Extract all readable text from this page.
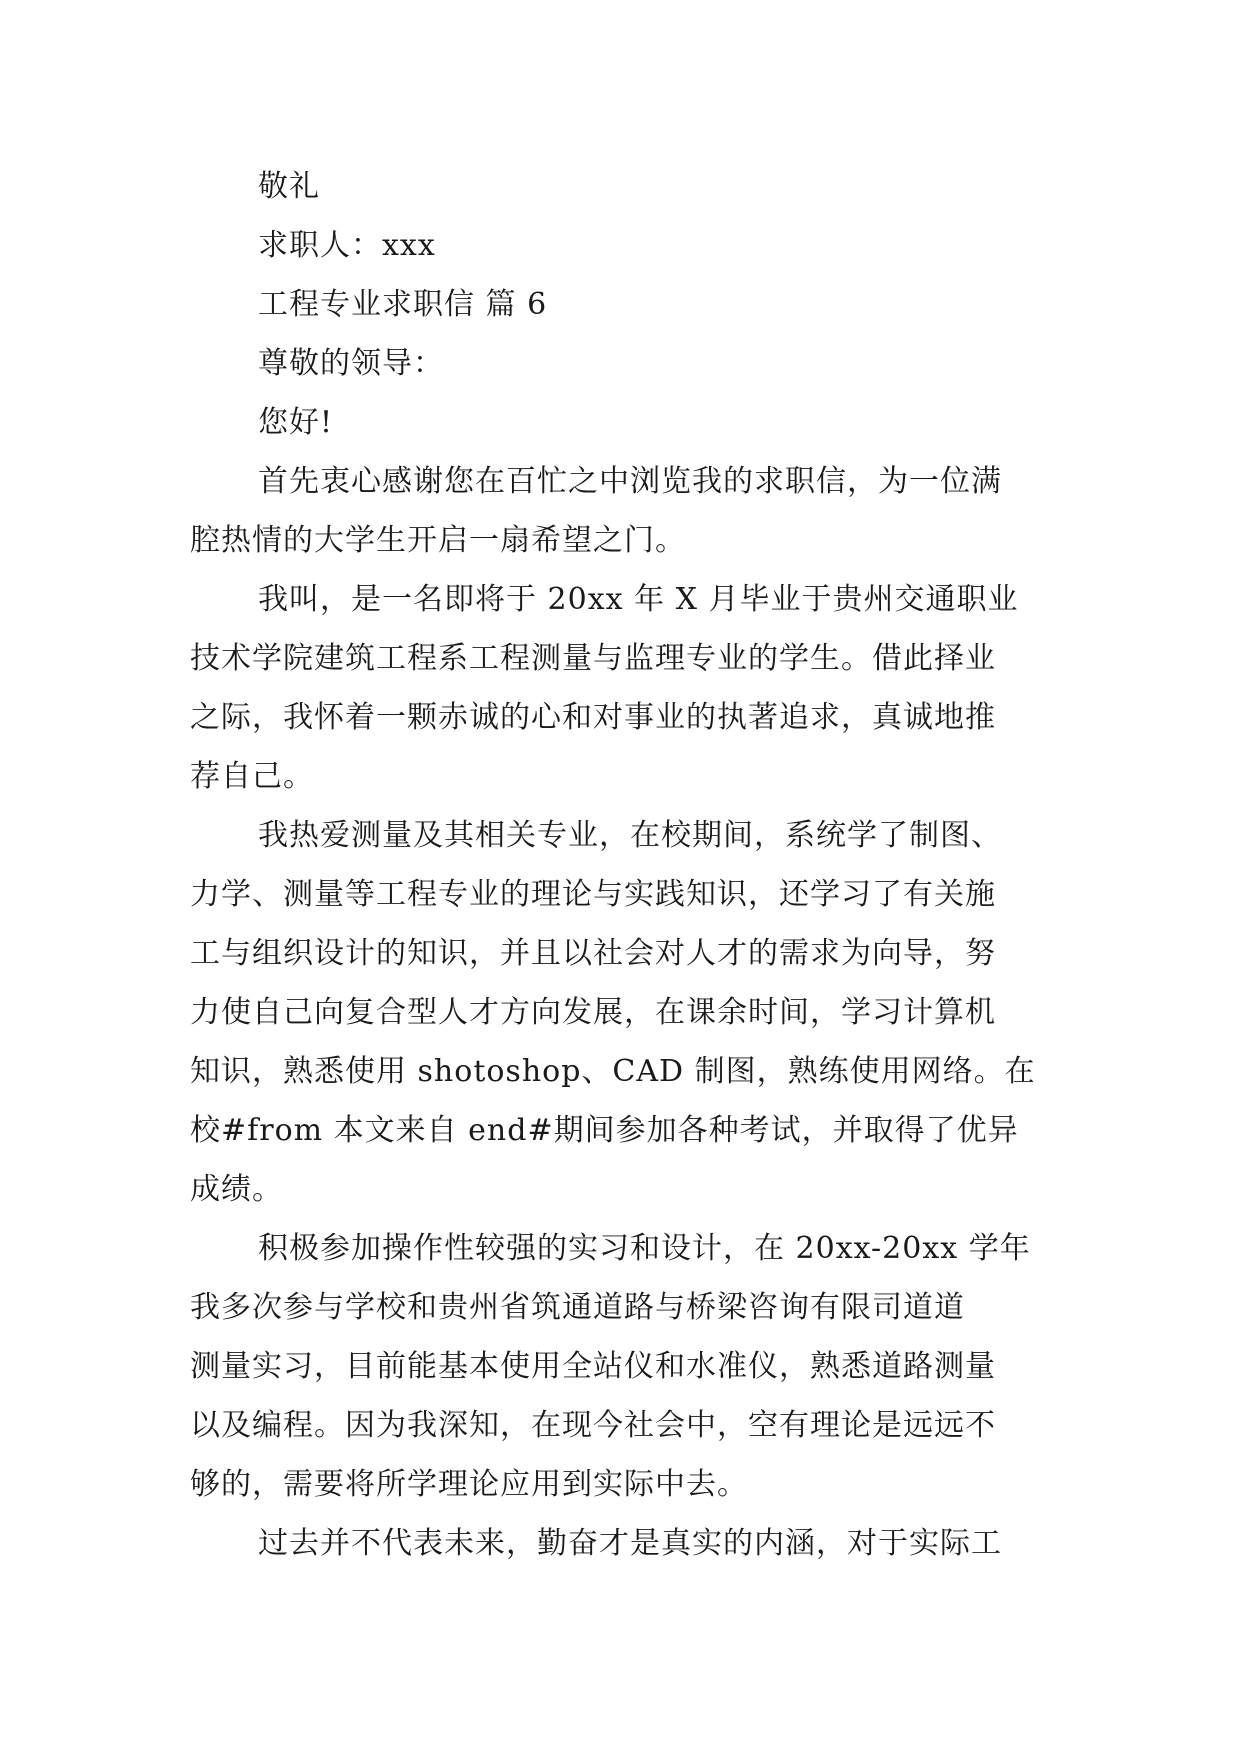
敬礼
求职人：xxx
工程专业求职信 篇 6
尊敬的领导：
您好!
首先衷心感谢您在百忙之中浏览我的求职信，为一位满
腔热情的大学生开启一扇希望之门。
我叫，是一名即将于 20xx 年 X 月毕业于贵州交通职业
技术学院建筑工程系工程测量与监理专业的学生。借此择业
之际，我怀着一颗赤诚的心和对事业的执著追求，真诚地推
荐自己。
我热爱测量及其相关专业，在校期间，系统学了制图、
力学、测量等工程专业的理论与实践知识，还学习了有关施
工与组织设计的知识，并且以社会对人才的需求为向导，努
力使自己向复合型人才方向发展，在课余时间，学习计算机
知识，熟悉使用 shotoshop、CAD 制图，熟练使用网络。在
校#from 本文来自 end#期间参加各种考试，并取得了优异
成绩。
积极参加操作性较强的实习和设计，在 20xx-20xx 学年
我多次参与学校和贵州省筑通道路与桥梁咨询有限司道道
测量实习，目前能基本使用全站仪和水准仪，熟悉道路测量
以及编程。因为我深知，在现今社会中，空有理论是远远不
够的，需要将所学理论应用到实际中去。
过去并不代表未来，勤奋才是真实的内涵，对于实际工
